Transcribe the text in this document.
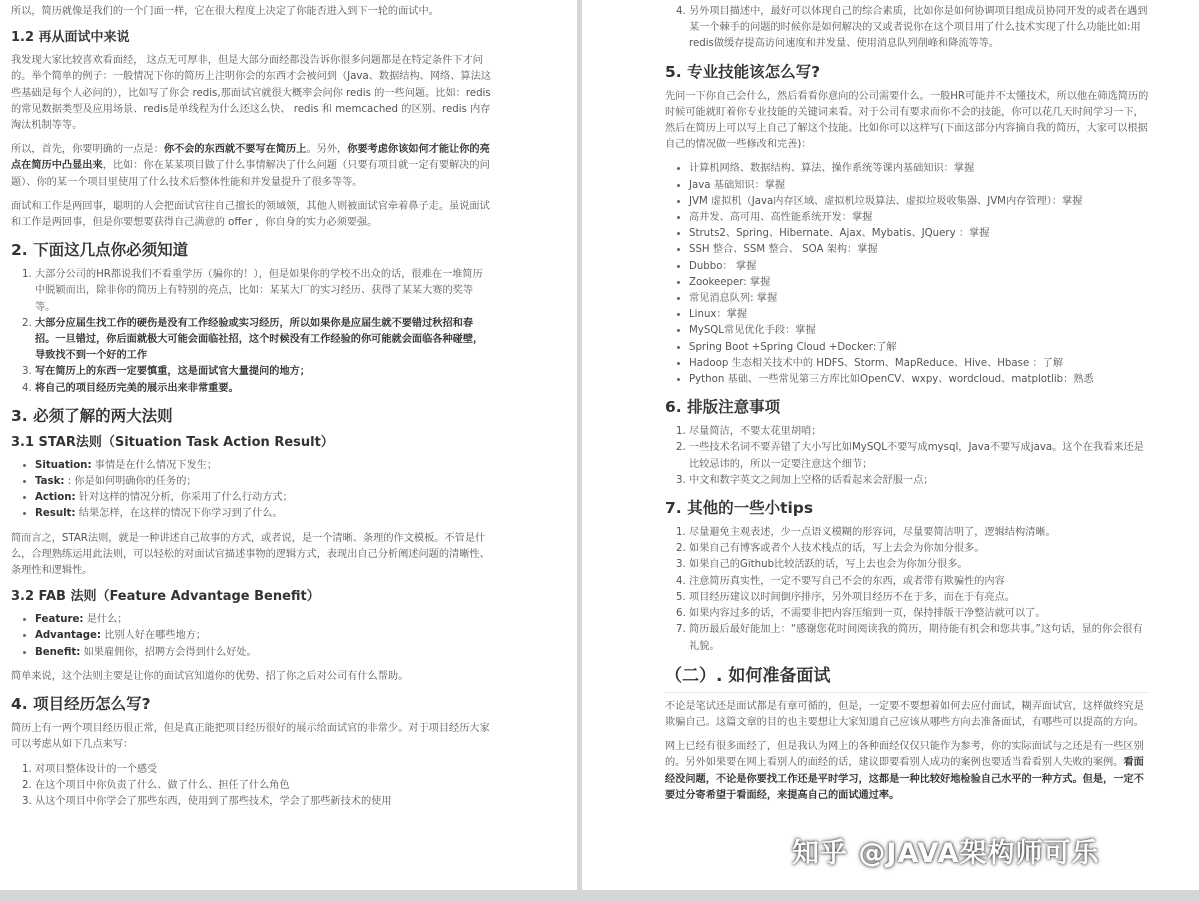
所以，简历就像是我们的一个门面一样，它在很大程度上决定了你能否进入到下一轮的面试中。

1.2 再从面试中来说

我发现大家比较喜欢看面经， 这点无可厚非，但是大部分面经都没告诉你很多问题都是在特定条件下才问的。举个简单的例子：一般情况下你的简历上注明你会的东西才会被问到（Java、数据结构、网络、算法这些基础是每个人必问的），比如写了你会 redis,那面试官就很大概率会问你 redis 的一些问题。比如：redis的常见数据类型及应用场景、redis是单线程为什么还这么快、 redis 和 memcached 的区别、redis 内存淘汰机制等等。

所以，首先，你要明确的一点是：你不会的东西就不要写在简历上。另外，你要考虑你该如何才能让你的亮点在简历中凸显出来，比如：你在某某项目做了什么事情解决了什么问题（只要有项目就一定有要解决的问题）、你的某一个项目里使用了什么技术后整体性能和并发量提升了很多等等。

面试和工作是两回事，聪明的人会把面试官往自己擅长的领域领，其他人则被面试官牵着鼻子走。虽说面试和工作是两回事，但是你要想要获得自己满意的 offer ，你自身的实力必须要强。

2. 下面这几点你必须知道
1. 大部分公司的HR都说我们不看重学历（骗你的！），但是如果你的学校不出众的话，很难在一堆简历中脱颖而出，除非你的简历上有特别的亮点，比如：某某大厂的实习经历、获得了某某大赛的奖等等。
2. 大部分应届生找工作的硬伤是没有工作经验或实习经历，所以如果你是应届生就不要错过秋招和春招。一旦错过，你后面就极大可能会面临社招，这个时候没有工作经验的你可能就会面临各种碰壁，导致找不到一个好的工作
3. 写在简历上的东西一定要慎重，这是面试官大量提问的地方；
4. 将自己的项目经历完美的展示出来非常重要。
3. 必须了解的两大法则
3.1 STAR法则（Situation Task Action Result）
• Situation: 事情是在什么情况下发生；
• Task: : 你是如何明确你的任务的；
• Action: 针对这样的情况分析，你采用了什么行动方式；
• Result: 结果怎样，在这样的情况下你学习到了什么。

简而言之，STAR法则，就是一种讲述自己故事的方式，或者说，是一个清晰、条理的作文模板。不管是什么，合理熟练运用此法则，可以轻松的对面试官描述事物的逻辑方式，表现出自己分析阐述问题的清晰性、条理性和逻辑性。

3.2 FAB 法则（Feature Advantage Benefit）
• Feature: 是什么；
• Advantage: 比别人好在哪些地方；
• Benefit: 如果雇佣你，招聘方会得到什么好处。

简单来说，这个法则主要是让你的面试官知道你的优势、招了你之后对公司有什么帮助。

4. 项目经历怎么写?

简历上有一两个项目经历很正常，但是真正能把项目经历很好的展示给面试官的非常少。对于项目经历大家可以考虑从如下几点来写：

1. 对项目整体设计的一个感受
2. 在这个项目中你负责了什么、做了什么、担任了什么角色
3. 从这个项目中你学会了那些东西，使用到了那些技术，学会了那些新技术的使用
4. 另外项目描述中，最好可以体现自己的综合素质，比如你是如何协调项目组成员协同开发的或者在遇到某一个棘手的问题的时候你是如何解决的又或者说你在这个项目用了什么技术实现了什么功能比如:用redis做缓存提高访问速度和并发量、使用消息队列削峰和降流等等。
5. 专业技能该怎么写?

先问一下你自己会什么，然后看看你意向的公司需要什么。一般HR可能并不太懂技术，所以他在筛选简历的时候可能就盯着你专业技能的关键词来看。对于公司有要求而你不会的技能，你可以花几天时间学习一下，然后在简历上可以写上自己了解这个技能。比如你可以这样写(下面这部分内容摘自我的简历，大家可以根据自己的情况做一些修改和完善)：

• 计算机网络、数据结构、算法、操作系统等课内基础知识：掌握
• Java 基础知识：掌握
• JVM 虚拟机（Java内存区域、虚拟机垃圾算法、虚拟垃圾收集器、JVM内存管理）：掌握
• 高并发、高可用、高性能系统开发：掌握
• Struts2、Spring、Hibernate、Ajax、Mybatis、JQuery ：掌握
• SSH 整合、SSM 整合、 SOA 架构：掌握
• Dubbo： 掌握
• Zookeeper: 掌握
• 常见消息队列: 掌握
• Linux：掌握
• MySQL常见优化手段：掌握
• Spring Boot +Spring Cloud +Docker:了解
• Hadoop 生态相关技术中的 HDFS、Storm、MapReduce、Hive、Hbase ：了解
• Python 基础、一些常见第三方库比如OpenCV、wxpy、wordcloud、matplotlib：熟悉
6. 排版注意事项
1. 尽量简洁，不要太花里胡哨；
2. 一些技术名词不要弄错了大小写比如MySQL不要写成mysql，Java不要写成java。这个在我看来还是比较忌讳的，所以一定要注意这个细节；
3. 中文和数字英文之间加上空格的话看起来会舒服一点；
7. 其他的一些小tips
1. 尽量避免主观表述，少一点语义模糊的形容词，尽量要简洁明了，逻辑结构清晰。
2. 如果自己有博客或者个人技术栈点的话，写上去会为你加分很多。
3. 如果自己的Github比较活跃的话，写上去也会为你加分很多。
4. 注意简历真实性，一定不要写自己不会的东西，或者带有欺骗性的内容
5. 项目经历建议以时间倒序排序，另外项目经历不在于多，而在于有亮点。
6. 如果内容过多的话，不需要非把内容压缩到一页，保持排版干净整洁就可以了。
7. 简历最后最好能加上：“感谢您花时间阅读我的简历，期待能有机会和您共事。”这句话，显的你会很有礼貌。
（二）. 如何准备面试

不论是笔试还是面试都是有章可循的，但是，一定要不要想着如何去应付面试，糊弄面试官，这样做终究是欺骗自己。这篇文章的目的也主要想让大家知道自己应该从哪些方向去准备面试，有哪些可以提高的方向。

网上已经有很多面经了，但是我认为网上的各种面经仅仅只能作为参考，你的实际面试与之还是有一些区别的。另外如果要在网上看别人的面经的话，建议即要看别人成功的案例也要适当看看别人失败的案例。看面经没问题，不论是你要找工作还是平时学习，这都是一种比较好地检验自己水平的一种方式。但是，一定不要过分寄希望于看面经，来提高自己的面试通过率。

知乎 @JAVA架构师可乐
